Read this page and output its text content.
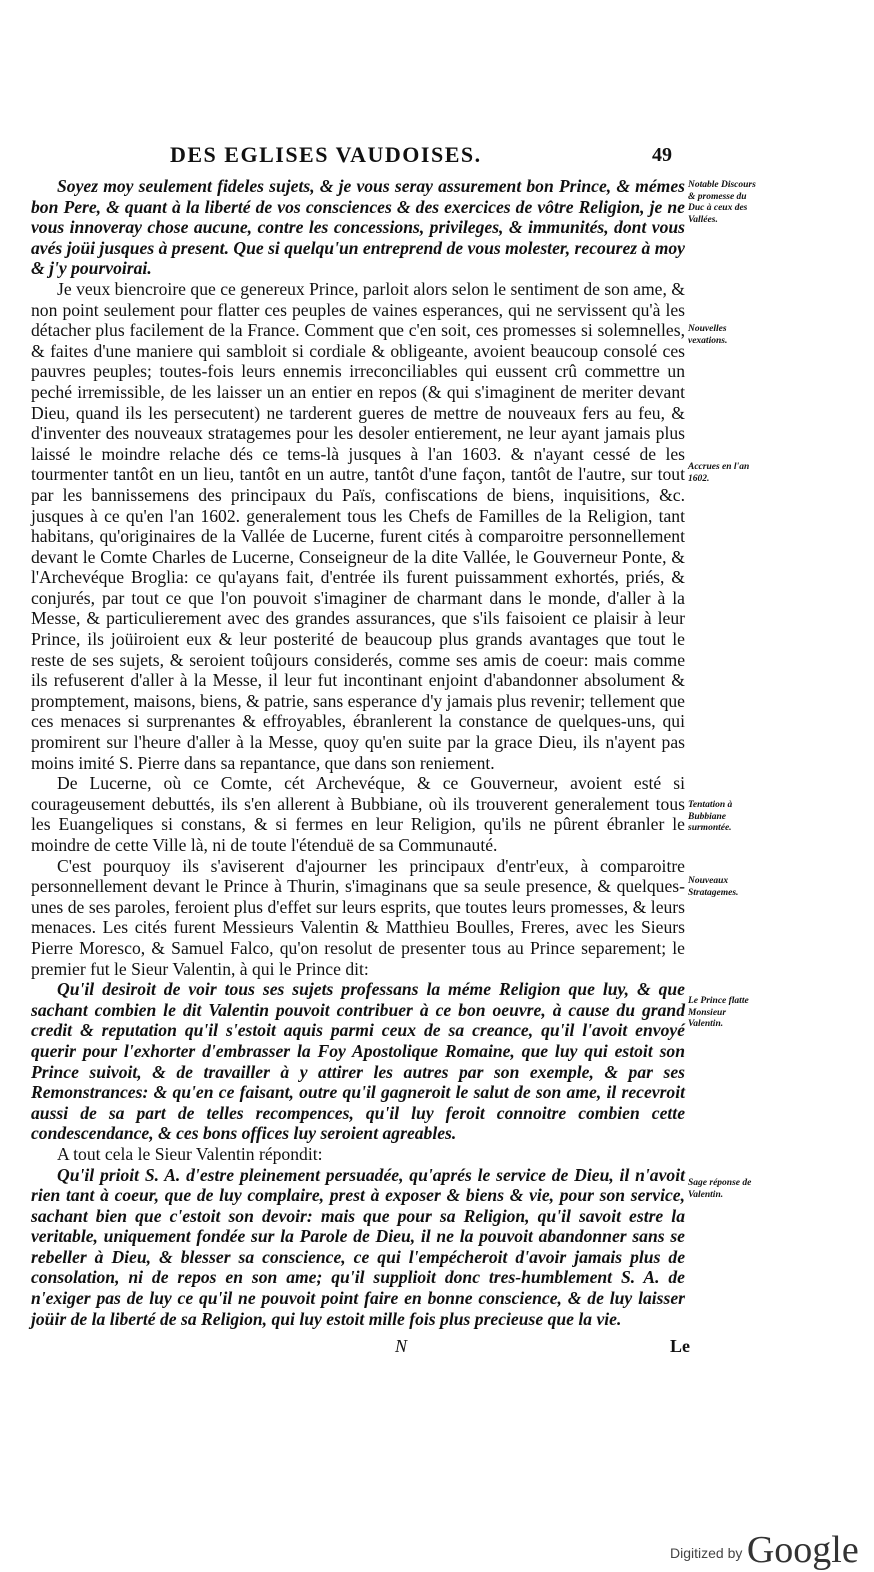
DES EGLISES VAUDOISES.	49

Soyez moy seulement fideles sujets, & je vous seray assurement bon Prince, & mémes bon Pere, & quant à la liberté de vos consciences & des exercices de vôtre Religion, je ne vous innoveray chose aucune, contre les concessions, privileges, & immunités, dont vous avés joüi jusques à present. Que si quelqu'un entreprend de vous molester, recourez à moy & j'y pourvoirai.

Je veux biencroire que ce genereux Prince, parloit alors selon le sentiment de son ame, & non point seulement pour flatter ces peuples de vaines esperances, qui ne servissent qu'à les détacher plus facilement de la France. Comment que c'en soit, ces promesses si solemnelles, & faites d'une maniere qui sambloit si cordiale & obligeante, avoient beaucoup consolé ces pauvres peuples; toutes-fois leurs ennemis irreconciliables qui eussent crû commettre un peché irremissible, de les laisser un an entier en repos (& qui s'imaginent de meriter devant Dieu, quand ils les persecutent) ne tarderent gueres de mettre de nouveaux fers au feu, & d'inventer des nouveaux stratagemes pour les desoler entierement, ne leur ayant jamais plus laissé le moindre relache dés ce tems-là jusques à l'an 1603. & n'ayant cessé de les tourmenter tantôt en un lieu, tantôt en un autre, tantôt d'une façon, tantôt de l'autre, sur tout par les bannissemens des principaux du Païs, confiscations de biens, inquisitions, &c. jusques à ce qu'en l'an 1602. generalement tous les Chefs de Familles de la Religion, tant habitans, qu'originaires de la Vallée de Lucerne, furent cités à comparoitre personnellement devant le Comte Charles de Lucerne, Conseigneur de la dite Vallée, le Gouverneur Ponte, & l'Archevéque Broglia: ce qu'ayans fait, d'entrée ils furent puissamment exhortés, priés, & conjurés, par tout ce que l'on pouvoit s'imaginer de charmant dans le monde, d'aller à la Messe, & particulierement avec des grandes assurances, que s'ils faisoient ce plaisir à leur Prince, ils joüiroient eux & leur posterité de beaucoup plus grands avantages que tout le reste de ses sujets, & seroient toûjours considerés, comme ses amis de coeur: mais comme ils refuserent d'aller à la Messe, il leur fut incontinant enjoint d'abandonner absolument & promptement, maisons, biens, & patrie, sans esperance d'y jamais plus revenir; tellement que ces menaces si surprenantes & effroyables, ébranlerent la constance de quelques-uns, qui promirent sur l'heure d'aller à la Messe, quoy qu'en suite par la grace Dieu, ils n'ayent pas moins imité S. Pierre dans sa repantance, que dans son reniement.

De Lucerne, où ce Comte, cét Archevéque, & ce Gouverneur, avoient esté si courageusement debuttés, ils s'en allerent à Bubbiane, où ils trouverent generalement tous les Euangeliques si constans, & si fermes en leur Religion, qu'ils ne pûrent ébranler le moindre de cette Ville là, ni de toute l'étenduë de sa Communauté.

C'est pourquoy ils s'aviserent d'ajourner les principaux d'entr'eux, à comparoitre personnellement devant le Prince à Thurin, s'imaginans que sa seule presence, & quelques-unes de ses paroles, feroient plus d'effet sur leurs esprits, que toutes leurs promesses, & leurs menaces. Les cités furent Messieurs Valentin & Matthieu Boulles, Freres, avec les Sieurs Pierre Moresco, & Samuel Falco, qu'on resolut de presenter tous au Prince separement; le premier fut le Sieur Valentin, à qui le Prince dit:

Qu'il desiroit de voir tous ses sujets professans la méme Religion que luy, & que sachant combien le dit Valentin pouvoit contribuer à ce bon oeuvre, à cause du grand credit & reputation qu'il s'estoit aquis parmi ceux de sa creance, qu'il l'avoit envoyé querir pour l'exhorter d'embrasser la Foy Apostolique Romaine, que luy qui estoit son Prince suivoit, & de travailler à y attirer les autres par son exemple, & par ses Remonstrances: & qu'en ce faisant, outre qu'il gagneroit le salut de son ame, il recevroit aussi de sa part de telles recompences, qu'il luy feroit connoitre combien cette condescendance, & ces bons offices luy seroient agreables.

A tout cela le Sieur Valentin répondit:

Qu'il prioit S. A. d'estre pleinement persuadée, qu'aprés le service de Dieu, il n'avoit rien tant à coeur, que de luy complaire, prest à exposer & biens & vie, pour son service, sachant bien que c'estoit son devoir: mais que pour sa Religion, qu'il savoit estre la veritable, uniquement fondée sur la Parole de Dieu, il ne la pouvoit abandonner sans se rebeller à Dieu, & blesser sa conscience, ce qui l'empécheroit d'avoir jamais plus de consolation, ni de repos en son ame; qu'il supplioit donc tres-humblement S. A. de n'exiger pas de luy ce qu'il ne pouvoit point faire en bonne conscience, & de luy laisser joüir de la liberté de sa Religion, qui luy estoit mille fois plus precieuse que la vie.

Notable Discours & promesse du Duc à ceux des Vallées.
Nouvelles vexations.
Accrues en l'an 1602.
Tentation à Bubbiane surmontée.
Nouveaux Stratagemes.
Le Prince flatte Monsieur Valentin.
Sage réponse de Valentin.
N	Le
Digitized by Google
